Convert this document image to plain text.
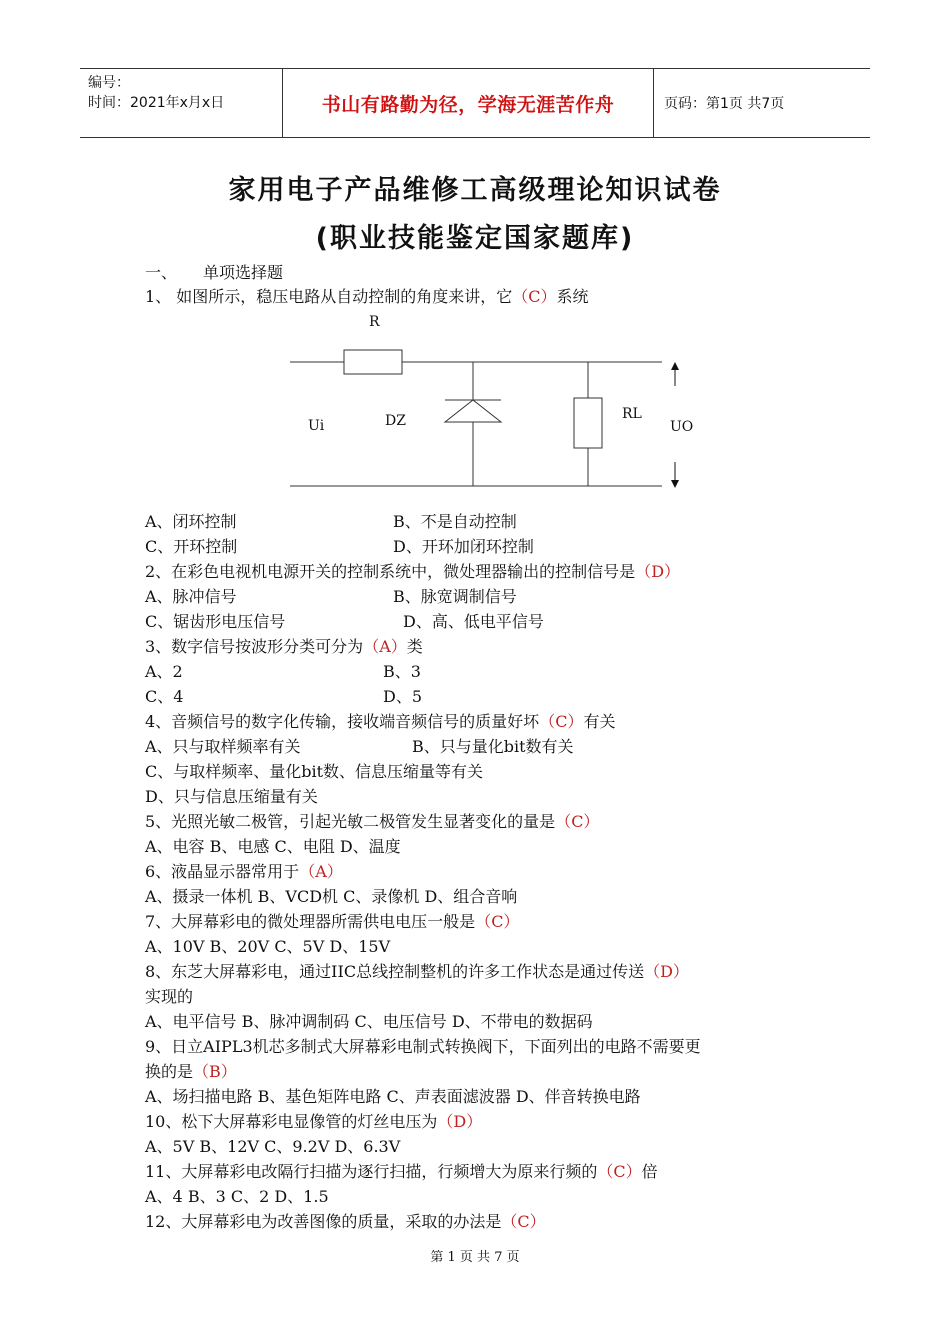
编号：
时间：2021年x月x日	书山有路勤为径，学海无涯苦作舟	页码：第1页 共7页
家用电子产品维修工高级理论知识试卷
(职业技能鉴定国家题库)
一、 单项选择题
R
Ui	DZ	RL
UO
1、 如图所示，稳压电路从自动控制的角度来讲，它（C）系统
A、闭环控制	B、不是自动控制
C、开环控制	D、开环加闭环控制
2、在彩色电视机电源开关的控制系统中，微处理器输出的控制信号是（D）
A、脉冲信号	B、脉宽调制信号
C、锯齿形电压信号	D、高、低电平信号
3、数字信号按波形分类可分为（A）类
A、2	B、3
C、4	D、5
4、音频信号的数字化传输，接收端音频信号的质量好坏（C）有关
A、只与取样频率有关	B、只与量化bit数有关
C、与取样频率、量化bit数、信息压缩量等有关
D、只与信息压缩量有关
5、光照光敏二极管，引起光敏二极管发生显著变化的量是（C）
A、电容 B、电感 C、电阻 D、温度
6、液晶显示器常用于（A）
A、摄录一体机 B、VCD机 C、录像机 D、组合音响
7、大屏幕彩电的微处理器所需供电电压一般是（C）
A、10V B、20V C、5V D、15V
8、东芝大屏幕彩电，通过IIC总线控制整机的许多工作状态是通过传送（D）
实现的
A、电平信号 B、脉冲调制码 C、电压信号 D、不带电的数据码
9、日立AIPL3机芯多制式大屏幕彩电制式转换阀下，下面列出的电路不需要更
换的是（B）
A、场扫描电路 B、基色矩阵电路 C、声表面滤波器 D、伴音转换电路
10、松下大屏幕彩电显像管的灯丝电压为（D）
A、5V B、12V C、9.2V D、6.3V
11、大屏幕彩电改隔行扫描为逐行扫描，行频增大为原来行频的（C）倍
A、4 B、3 C、2 D、1.5
12、大屏幕彩电为改善图像的质量，采取的办法是（C）
第 1 页 共 7 页
